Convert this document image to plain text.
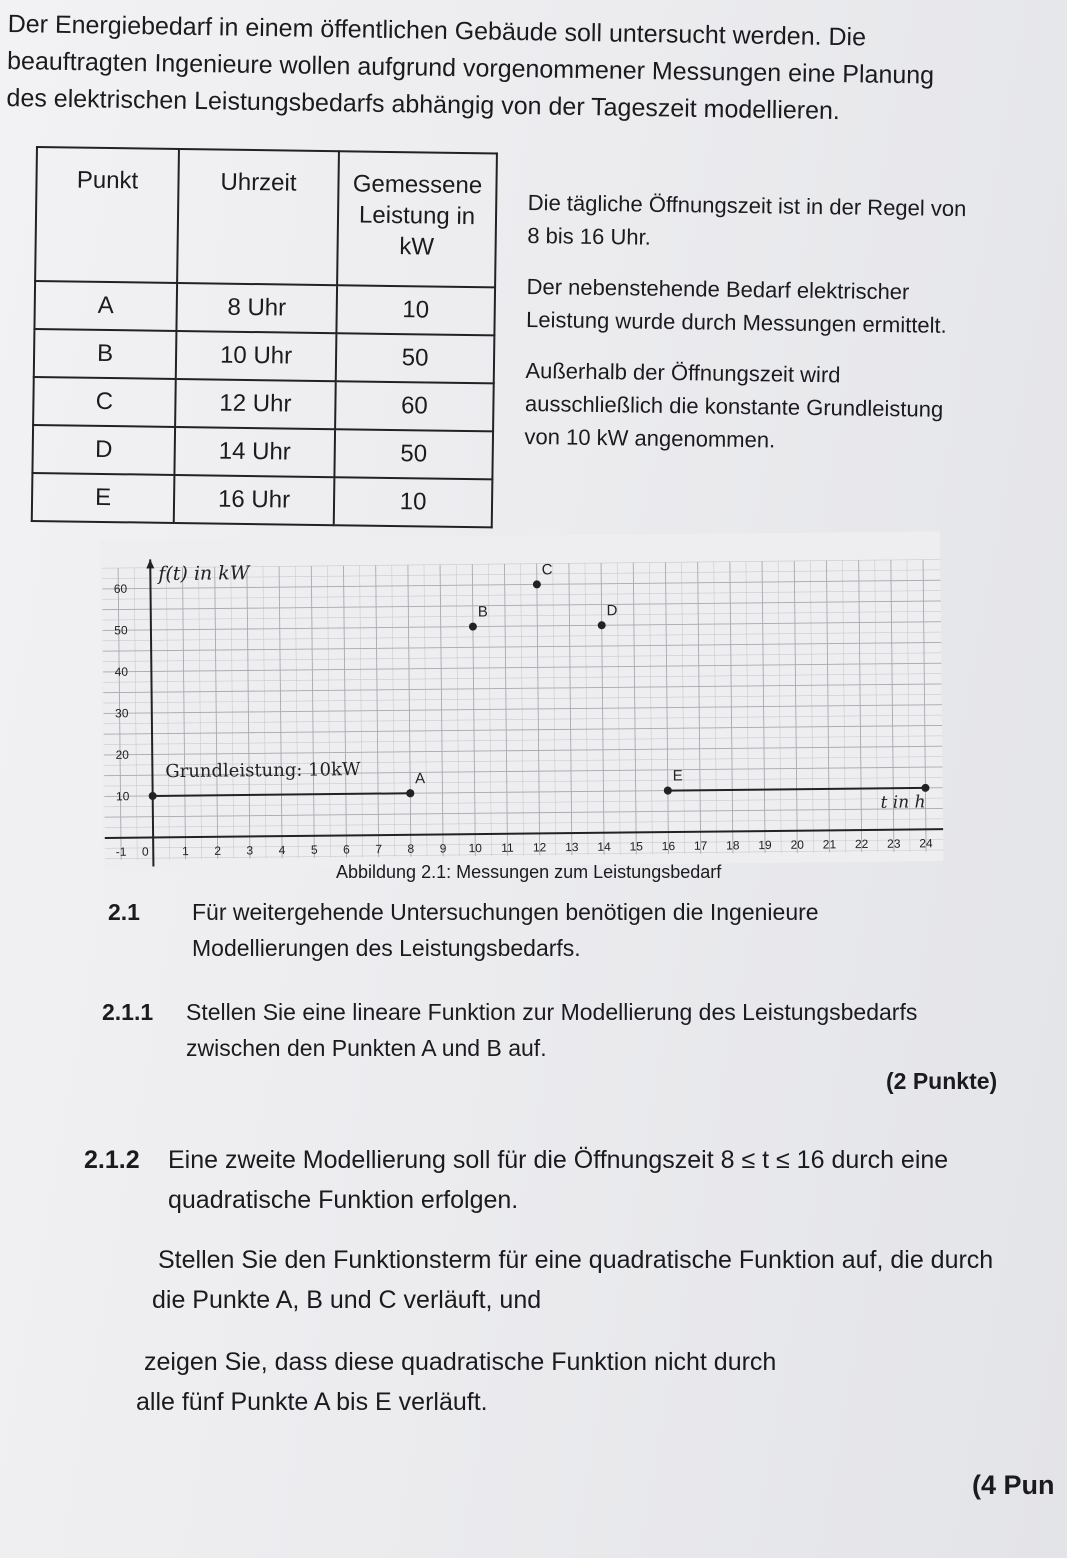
Der Energiebedarf in einem öffentlichen Gebäude soll untersucht werden. Die

beauftragten Ingenieure wollen aufgrund vorgenommener Messungen eine Planung

des elektrischen Leistungsbedarfs abhängig von der Tageszeit modellieren.

Punkt	Uhrzeit	Gemessene Leistung in kW
A	8 Uhr	10
B	10 Uhr	50
C	12 Uhr	60
D	14 Uhr	50
E	16 Uhr	10

Die tägliche Öffnungszeit ist in der Regel von 8 bis 16 Uhr.

Der nebenstehende Bedarf elektrischer Leistung wurde durch Messungen ermittelt.

Außerhalb der Öffnungszeit wird ausschließlich die konstante Grundleistung von 10 kW angenommen.

-1 0	1 2 3 4 5 6 7 8 9 10 11 12 13 14 15 16 17 18 19 20 21 22 23 24
10
20
30
40
50
60
f(t) in kW
t in h
Grundleistung: 10kW	A
B
C
D
E
Abbildung 2.1: Messungen zum Leistungsbedarf
2.1 Für weitergehende Untersuchungen benötigen die Ingenieure
Modellierungen des Leistungsbedarfs.
2.1.1 Stellen Sie eine lineare Funktion zur Modellierung des Leistungsbedarfs
zwischen den Punkten A und B auf.
(2 Punkte)
2.1.2 Eine zweite Modellierung soll für die Öffnungszeit 8 ≤ t ≤ 16 durch eine
quadratische Funktion erfolgen.
Stellen Sie den Funktionsterm für eine quadratische Funktion auf, die durch
die Punkte A, B und C verläuft, und
zeigen Sie, dass diese quadratische Funktion nicht durch
alle fünf Punkte A bis E verläuft.
(4 Pun
